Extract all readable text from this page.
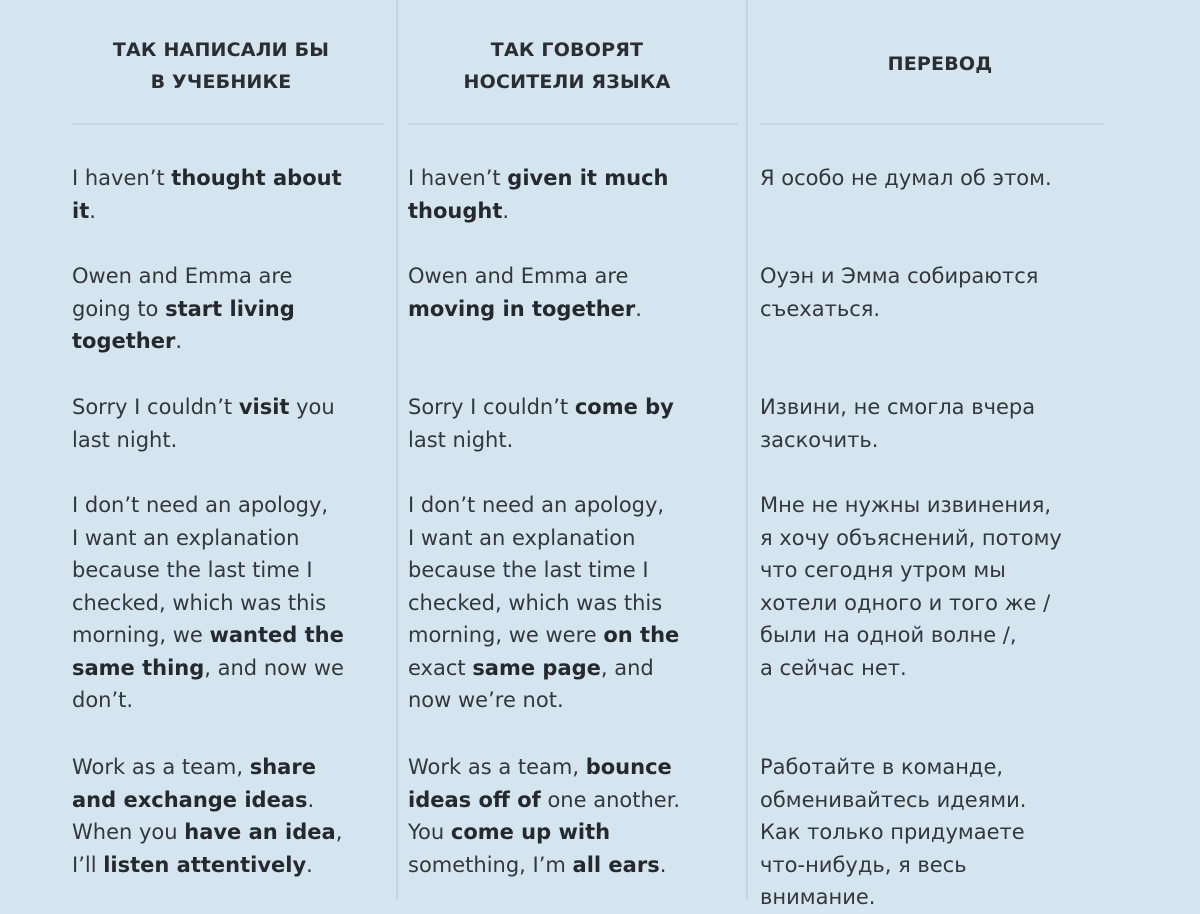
ТАК НАПИСАЛИ БЫ
В УЧЕБНИКЕ
ТАК ГОВОРЯТ
НОСИТЕЛИ ЯЗЫКА
ПЕРЕВОД
I haven’t thought about
it.
I haven’t given it much
thought.
Я особо не думал об этом.
Owen and Emma are
going to start living
together.
Owen and Emma are
moving in together.
Оуэн и Эмма собираются
съехаться.
Sorry I couldn’t visit you
last night.
Sorry I couldn’t come by
last night.
Извини, не смогла вчера
заскочить.
I don’t need an apology,
I want an explanation
because the last time I
checked, which was this
morning, we wanted the
same thing, and now we
don’t.
I don’t need an apology,
I want an explanation
because the last time I
checked, which was this
morning, we were on the
exact same page, and
now we’re not.
Мне не нужны извинения,
я хочу объяснений, потому
что сегодня утром мы
хотели одного и того же /
были на одной волне /,
а сейчас нет.
Work as a team, share
and exchange ideas.
When you have an idea,
I’ll listen attentively.
Work as a team, bounce
ideas off of one another.
You come up with
something, I’m all ears.
Работайте в команде,
обменивайтесь идеями.
Как только придумаете
что-нибудь, я весь
внимание.
